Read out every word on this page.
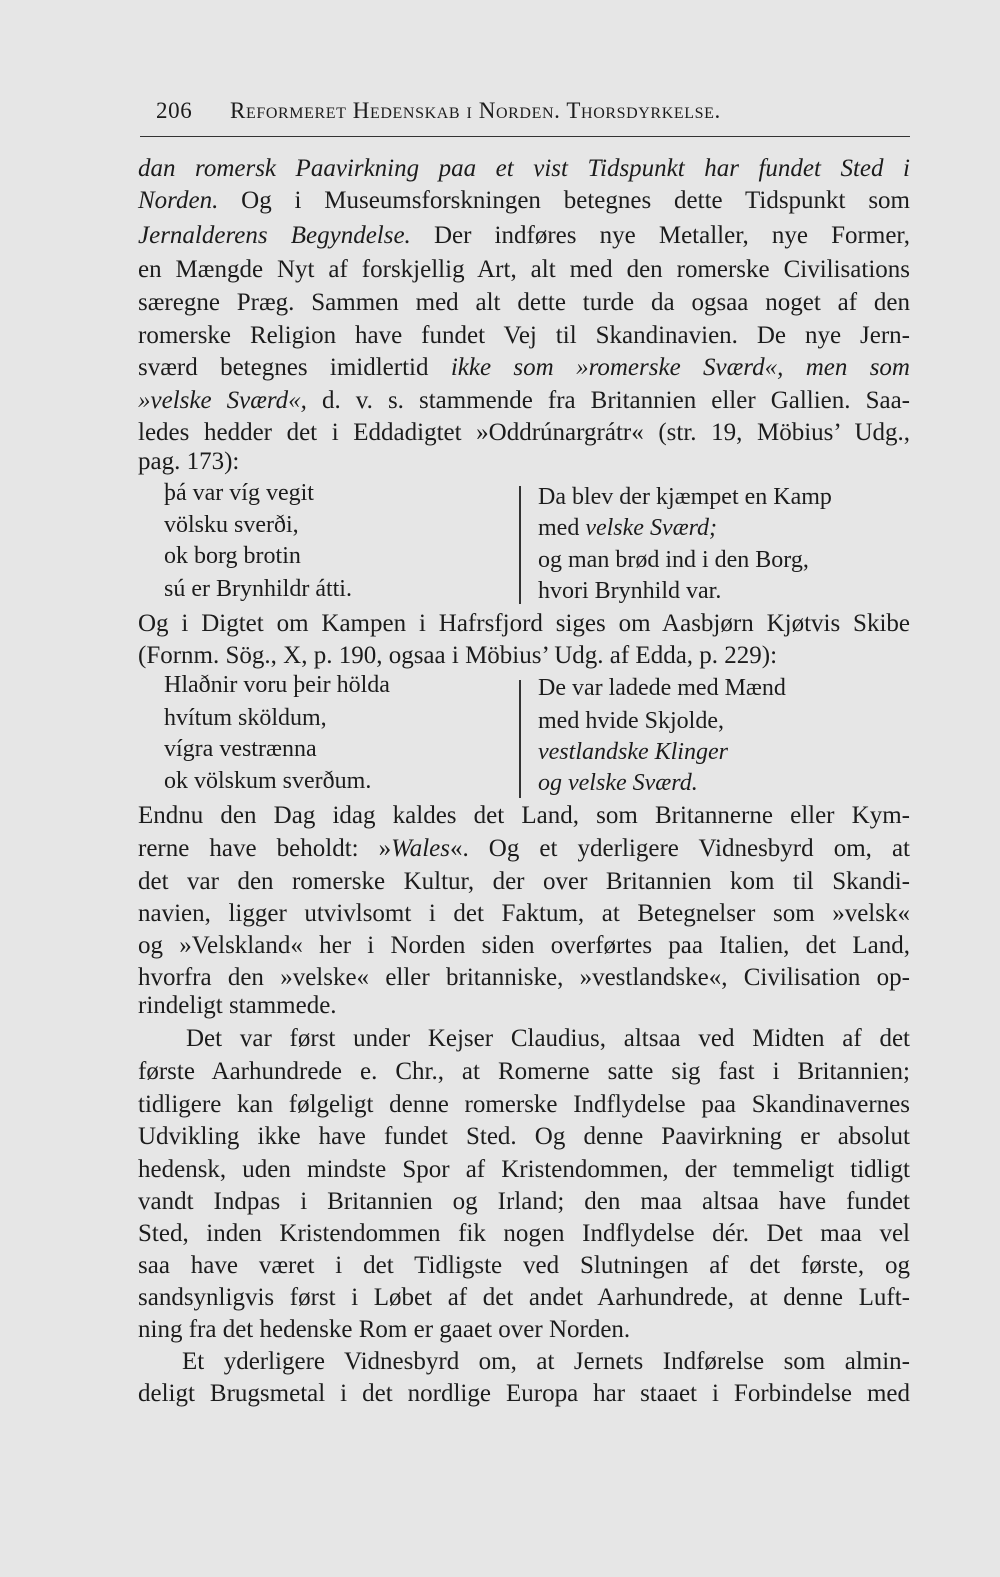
206 Reformeret Hedenskab i Norden. Thorsdyrkelse.
dan romersk Paavirkning paa et vist Tidspunkt har fundet Sted i
Norden. Og i Museumsforskningen betegnes dette Tidspunkt som
Jernalderens Begyndelse. Der indføres nye Metaller, nye Former,
en Mængde Nyt af forskjellig Art, alt med den romerske Civilisations
særegne Præg. Sammen med alt dette turde da ogsaa noget af den
romerske Religion have fundet Vej til Skandinavien. De nye Jern-
sværd betegnes imidlertid ikke som »romerske Sværd«, men som
»velske Sværd«, d. v. s. stammende fra Britannien eller Gallien. Saa-
ledes hedder det i Eddadigtet »Oddrúnargrátr« (str. 19, Möbius’ Udg.,
pag. 173):
þá var víg vegit
völsku sverði,
ok borg brotin
sú er Brynhildr átti.
Da blev der kjæmpet en Kamp
med velske Sværd;
og man brød ind i den Borg,
hvori Brynhild var.
Og i Digtet om Kampen i Hafrsfjord siges om Aasbjørn Kjøtvis Skibe
(Fornm. Sög., X, p. 190, ogsaa i Möbius’ Udg. af Edda, p. 229):
Hlaðnir voru þeir hölda
hvítum sköldum,
vígra vestrænna
ok völskum sverðum.
De var ladede med Mænd
med hvide Skjolde,
vestlandske Klinger
og velske Sværd.
Endnu den Dag idag kaldes det Land, som Britannerne eller Kym-
rerne have beholdt: »Wales«. Og et yderligere Vidnesbyrd om, at
det var den romerske Kultur, der over Britannien kom til Skandi-
navien, ligger utvivlsomt i det Faktum, at Betegnelser som »velsk«
og »Velskland« her i Norden siden overførtes paa Italien, det Land,
hvorfra den »velske« eller britanniske, »vestlandske«, Civilisation op-
rindeligt stammede.
Det var først under Kejser Claudius, altsaa ved Midten af det
første Aarhundrede e. Chr., at Romerne satte sig fast i Britannien;
tidligere kan følgeligt denne romerske Indflydelse paa Skandinavernes
Udvikling ikke have fundet Sted. Og denne Paavirkning er absolut
hedensk, uden mindste Spor af Kristendommen, der temmeligt tidligt
vandt Indpas i Britannien og Irland; den maa altsaa have fundet
Sted, inden Kristendommen fik nogen Indflydelse dér. Det maa vel
saa have været i det Tidligste ved Slutningen af det første, og
sandsynligvis først i Løbet af det andet Aarhundrede, at denne Luft-
ning fra det hedenske Rom er gaaet over Norden.
Et yderligere Vidnesbyrd om, at Jernets Indførelse som almin-
deligt Brugsmetal i det nordlige Europa har staaet i Forbindelse med
